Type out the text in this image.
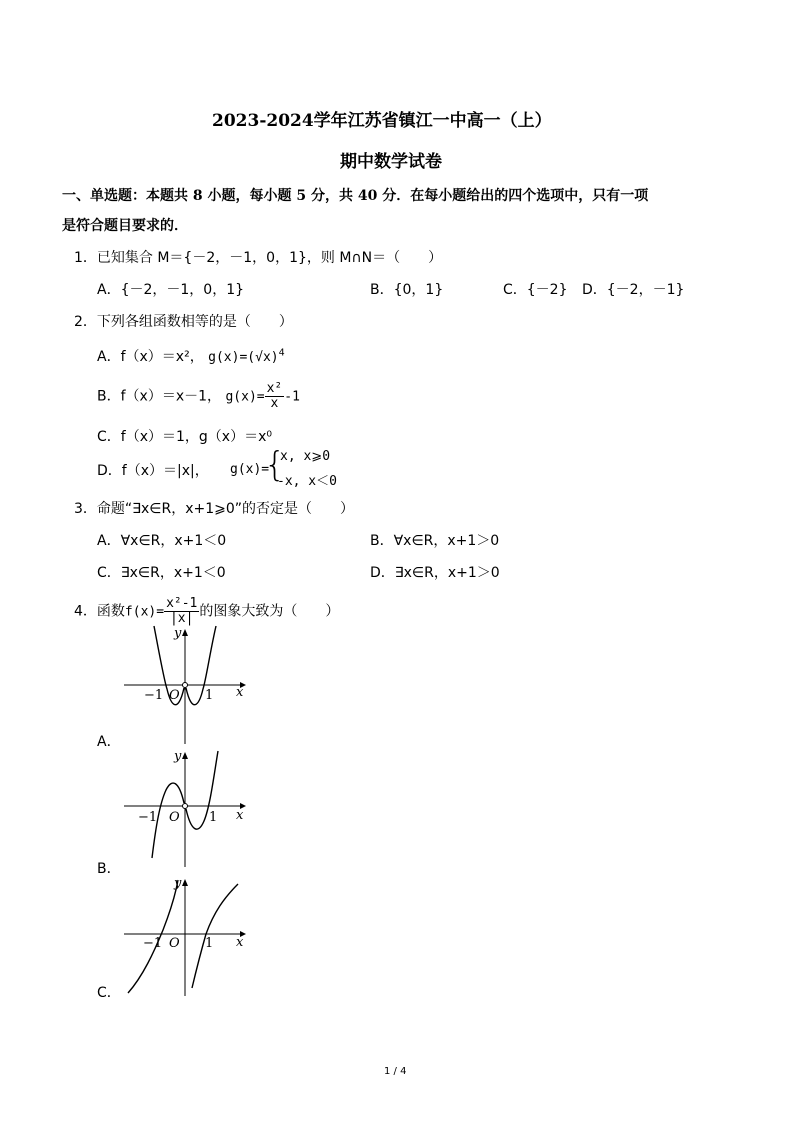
2023-2024学年江苏省镇江一中高一（上）
期中数学试卷
一、单选题：本题共 8 小题，每小题 5 分，共 40 分．在每小题给出的四个选项中，只有一项
是符合题目要求的．
1．已知集合 M＝{－2，－1，0，1}，则 M∩N＝（　　）
A．{－2，－1，0，1}	B．{0，1}	C．{－2} D．{－2，－1}
2．下列各组函数相等的是（　　）
A．f（x）＝x²， $g(x)=(√x)^4$
B．f（x）＝x－1， $g(x)= \frac{\text{x²}}{x} -1$
C．f（x）＝1，g（x）＝x⁰
D．f（x）＝|x|， g(x)=
{
x, x⩾0
-x, x＜0
3．命题“∃x∈R，x+1⩾0”的否定是（　　）
A．∀x∈R，x+1＜0	B．∀x∈R，x+1＞0
C．∃x∈R，x+1＜0	D．∃x∈R，x+1＞0
4．函数$f(x)= \frac{\text{x²-1}}{|x|}$ 的图象大致为（　　）
y
x
O
−1	1
A．
y
x
O
−1	1
B．
y
x
O
−1	1
C．
1 / 4
